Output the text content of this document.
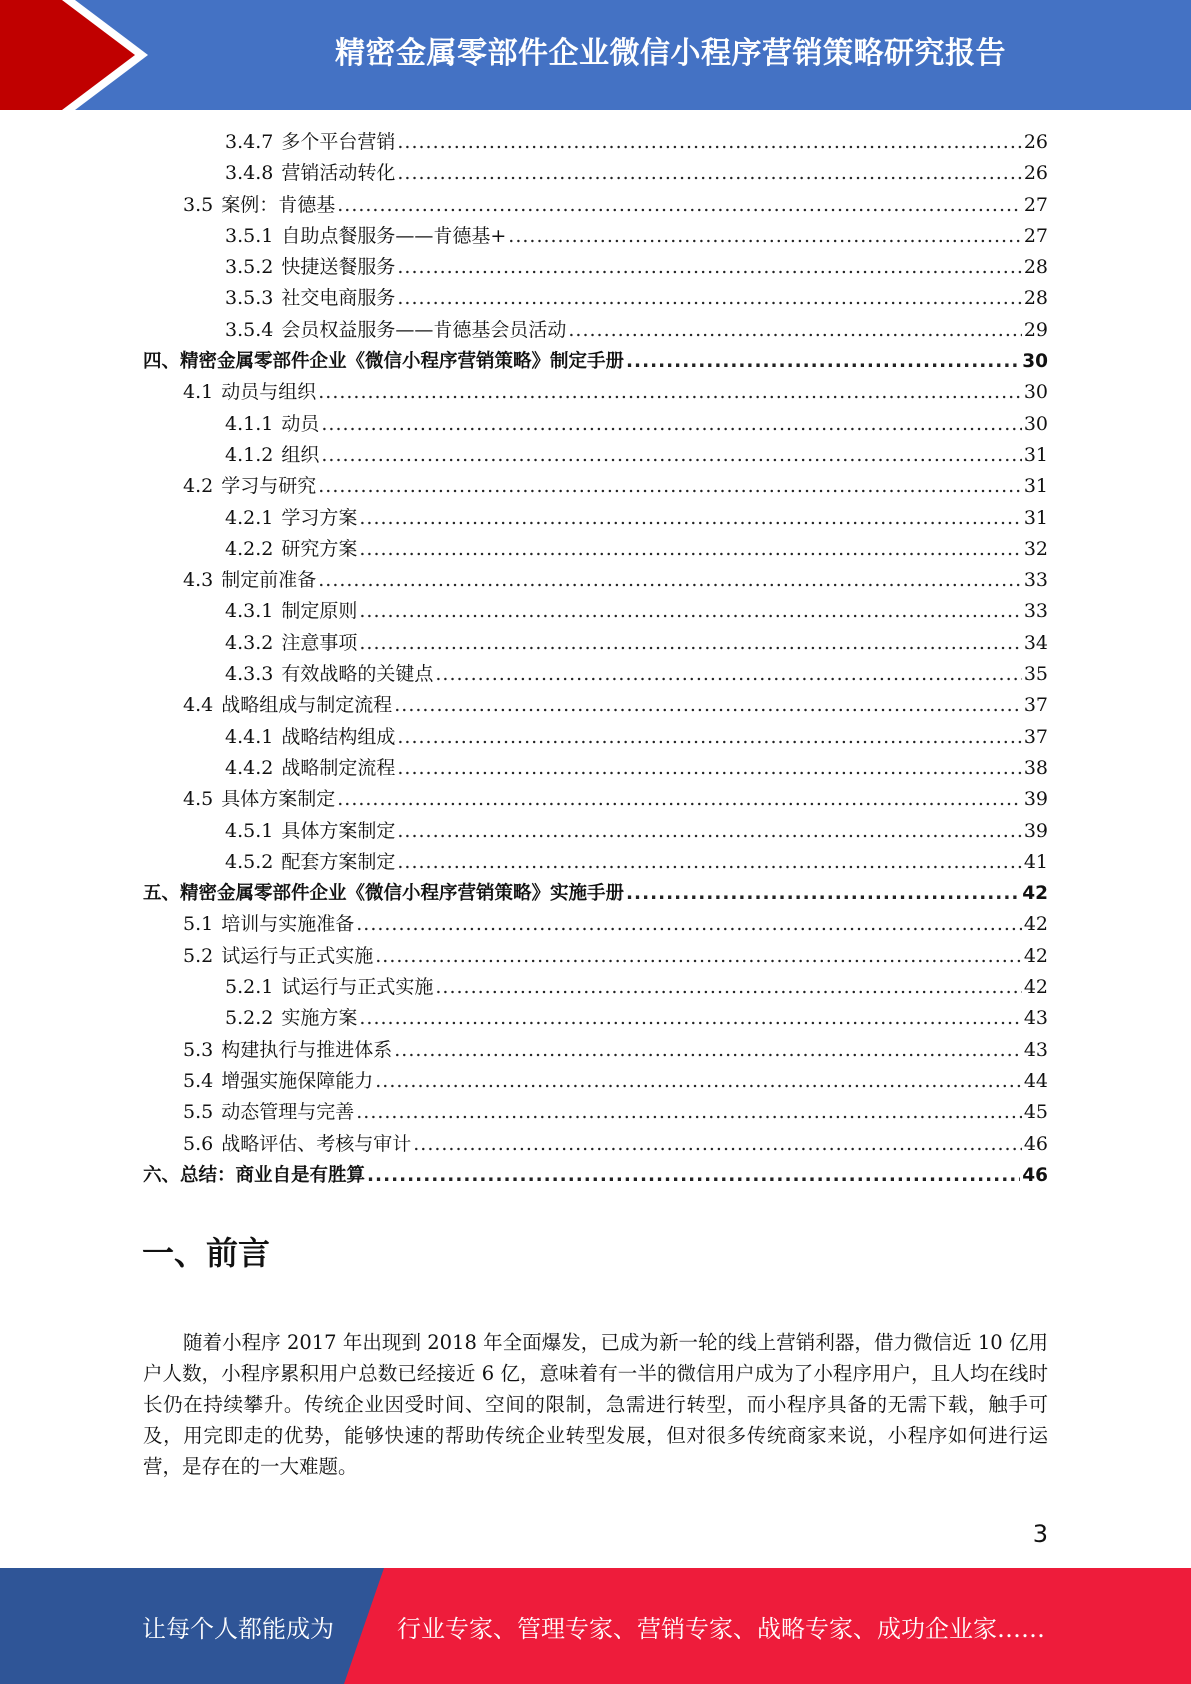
精密金属零部件企业微信小程序营销策略研究报告
3.4.7 多个平台营销 .....	26
3.4.8 营销活动转化 .....	26
3.5 案例：肯德基 .....	27
3.5.1 自助点餐服务——肯德基+ .....	27
3.5.2 快捷送餐服务 .....	28
3.5.3 社交电商服务 .....	28
3.5.4 会员权益服务——肯德基会员活动 .....	29
四、精密金属零部件企业《微信小程序营销策略》制定手册 .....	30
4.1 动员与组织 .....	30
4.1.1 动员 .....	30
4.1.2 组织 .....	31
4.2 学习与研究 .....	31
4.2.1 学习方案 .....	31
4.2.2 研究方案 .....	32
4.3 制定前准备 .....	33
4.3.1 制定原则 .....	33
4.3.2 注意事项 .....	34
4.3.3 有效战略的关键点 .....	35
4.4 战略组成与制定流程 .....	37
4.4.1 战略结构组成 .....	37
4.4.2 战略制定流程 .....	38
4.5 具体方案制定 .....	39
4.5.1 具体方案制定 .....	39
4.5.2 配套方案制定 .....	41
五、精密金属零部件企业《微信小程序营销策略》实施手册 .....	42
5.1 培训与实施准备 .....	42
5.2 试运行与正式实施 .....	42
5.2.1 试运行与正式实施 .....	42
5.2.2 实施方案 .....	43
5.3 构建执行与推进体系 .....	43
5.4 增强实施保障能力 .....	44
5.5 动态管理与完善 .....	45
5.6 战略评估、考核与审计 .....	46
六、总结：商业自是有胜算 .....	46
一、前言

随着小程序 2017 年出现到 2018 年全面爆发，已成为新一轮的线上营销利器，借力微信近 10 亿用户人数，小程序累积用户总数已经接近 6 亿，意味着有一半的微信用户成为了小程序用户，且人均在线时长仍在持续攀升。传统企业因受时间、空间的限制，急需进行转型，而小程序具备的无需下载，触手可及，用完即走的优势，能够快速的帮助传统企业转型发展，但对很多传统商家来说，小程序如何进行运营，是存在的一大难题。

3
让每个人都能成为	行业专家、管理专家、营销专家、战略专家、成功企业家……
